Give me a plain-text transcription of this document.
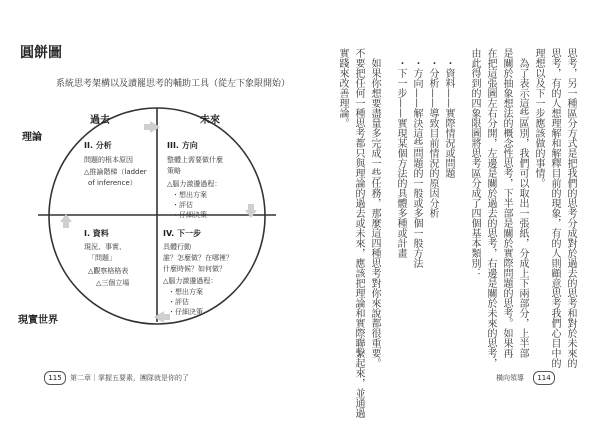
圓餅圖
系統思考架構以及讀罷思考的輔助工具（從左下象限開始）
過去	未來
理論
現實世界
II. 分析
問題的根本原因
△推論階梯（ladder
of inference）
III. 方向
整體上需要做什麼
策略
△腦力激盪過程：
・想出方案
・評估
・仔細決策
I. 資料
現況、事實、
「問題」
△觀察格格表
△三個立場
IV. 下一步
具體行動
誰？怎麼做？在哪裡？
什麼時候？如何做？
△腦力激盪過程：
・想出方案
・評估
・仔細決策
115	第二章｜掌握五要素，團隊就是你的了
思考，另一種區分方式是把我們的思考分成對於過去的思考和對於未來的
思考，有的人想理解和解釋目前的現象，有的人則顧意思考我們心目中的
理想以及下一步應該做的事情。
為了表示這些區別，我們可以取出一張紙，分成上下兩部分，上半部
是關於抽象想法的概念性思考，下半部是關於實際問題的思考。如果再
在把這張圖左右分開，左邊是關於過去的思考，右邊是關於未來的思考，
由此得到的四象限圖將思考區分成了四個基本類別：
・資料——實際情況或問題
・分析——導致目前情況的原因分析
・方向——解決這些問題的一般或多個一般方法
・下一步——實現某個方法的具體多種或計畫
如果你想要盡量多完成一些任務，那麼這四種思考對你來說都很重要。
不要把任何一種思考都只與理論的過去或未來，應該把理論和實際聯繫起來，並通過
實踐來改善理論。
橫向領導	114
